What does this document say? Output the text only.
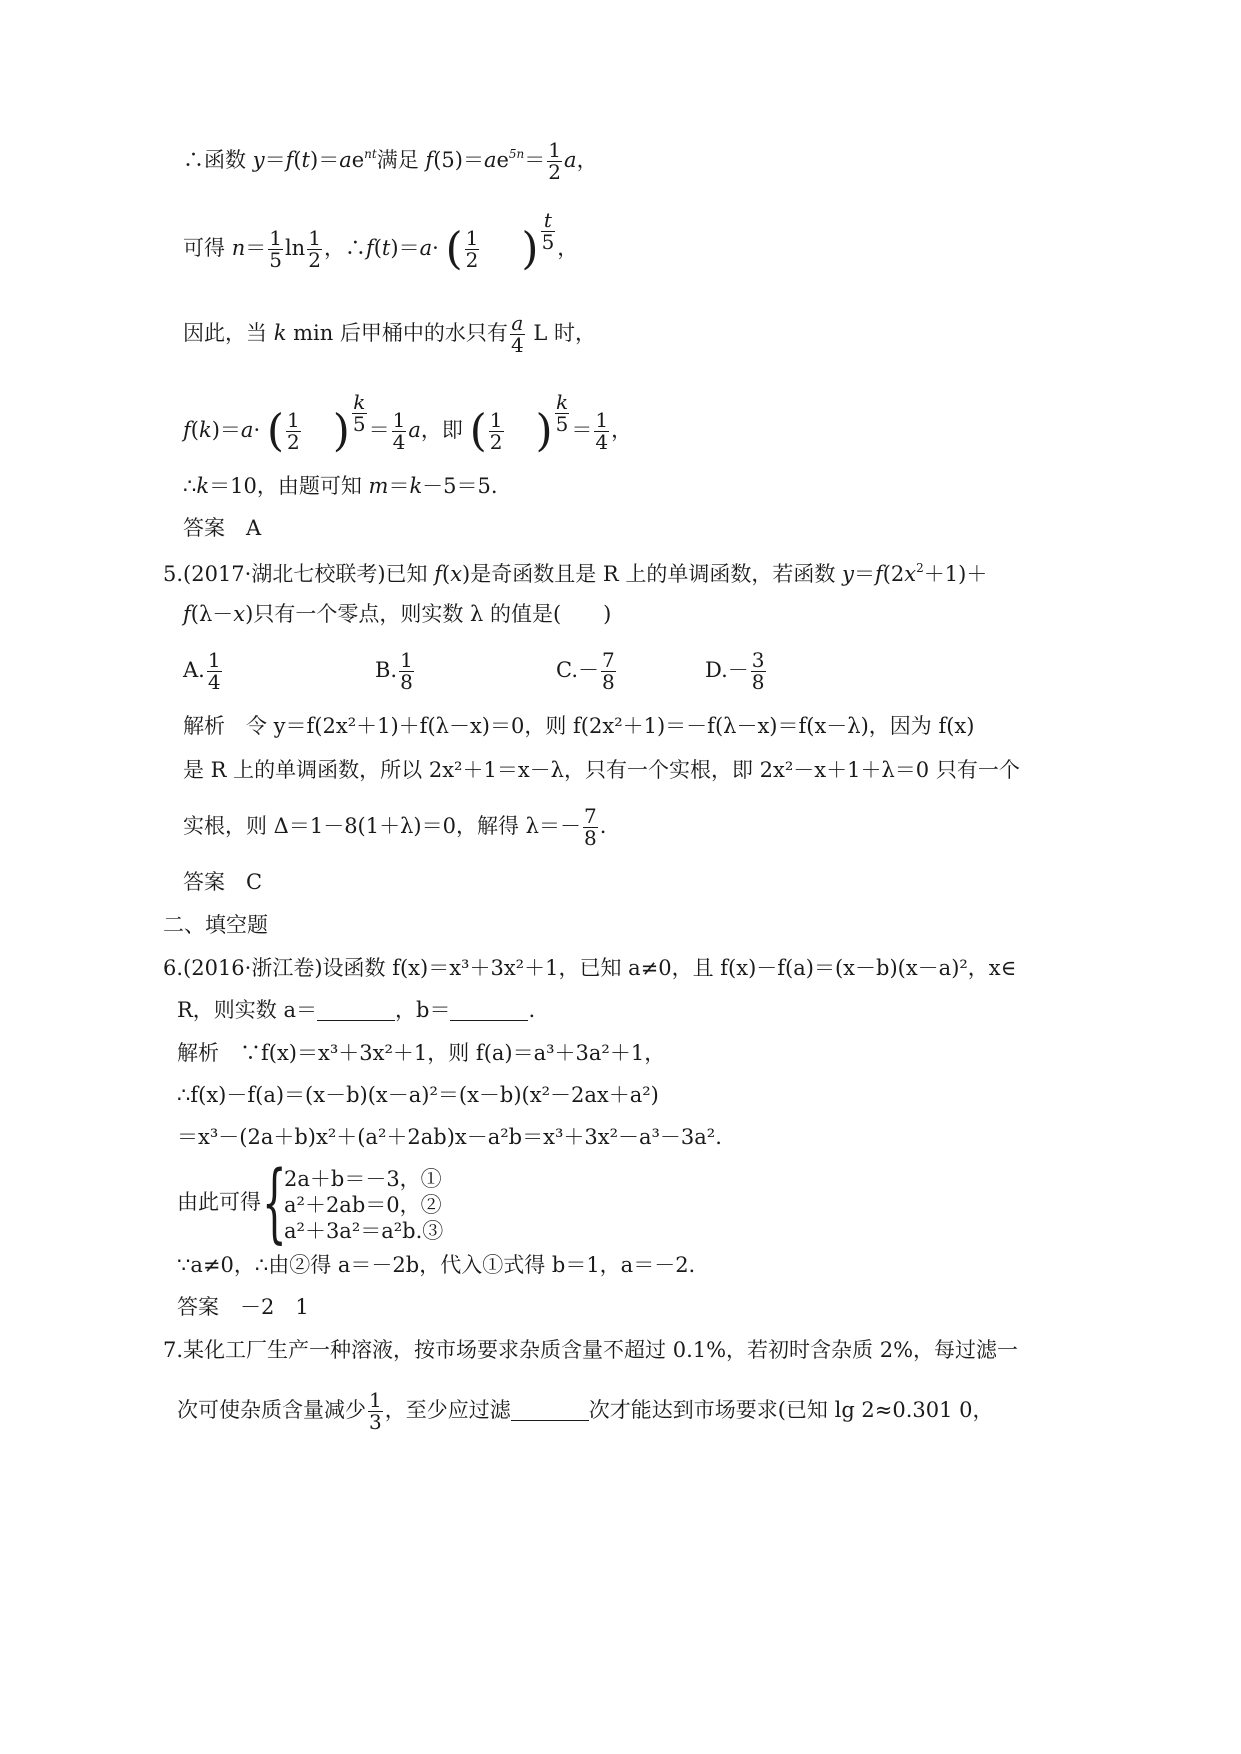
∴函数 $y=f(t)=ae^{nt}$满足 $f(5)=ae^{5n}= \frac{1}{2}$ a，
可得 $n= \frac{1}{5}$ $\ln \frac{1}{2}$ ，∴f(t)＝a· ( $\frac{1}{2}$ ) $\frac{t}{5}$ ，
因此，当 k min 后甲桶中的水只有 $\frac{a}{4}$ L 时，
f(k)＝a· ( $\frac{1}{2}$ ) $\frac{k}{5} = \frac{1}{4}$ a，即 ( $\frac{1}{2}$ ) $\frac{k}{5} = \frac{1}{4}$ ，
∴k＝10，由题可知 m＝k－5＝5.
答案　A
5.(2017·湖北七校联考)已知 f(x)是奇函数且是 R 上的单调函数，若函数 $y=f(2x^2+1)+$
f(λ－x)只有一个零点，则实数 λ 的值是(　　)
A. $\frac{1}{4}$	B. $\frac{1}{8}$	$C.- \frac{7}{8}$	$D.- \frac{3}{8}$
解析　令 y＝f(2x²＋1)＋f(λ－x)＝0，则 f(2x²＋1)＝－f(λ－x)＝f(x－λ)，因为 f(x)
是 R 上的单调函数，所以 2x²＋1＝x－λ，只有一个实根，即 2x²－x＋1＋λ＝0 只有一个
实根，则 Δ＝1－8(1＋λ)＝0，解得 $\lambda=- \frac{7}{8}$ .
答案　C
二、填空题
6.(2016·浙江卷)设函数 f(x)＝x³＋3x²＋1，已知 a≠0，且 f(x)－f(a)＝(x－b)(x－a)²，x∈
R，则实数 a＝	，b＝	.
解析　∵f(x)＝x³＋3x²＋1，则 f(a)＝a³＋3a²＋1，
∴f(x)－f(a)＝(x－b)(x－a)²＝(x－b)(x²－2ax＋a²)
＝x³－(2a＋b)x²＋(a²＋2ab)x－a²b＝x³＋3x²－a³－3a².
由此可得 {
2a＋b＝－3，①
a²＋2ab＝0，②
a²＋3a²＝a²b.③
∵a≠0，∴由②得 a＝－2b，代入①式得 b＝1，a＝－2.
答案　－2　1
7.某化工厂生产一种溶液，按市场要求杂质含量不超过 0.1%，若初时含杂质 2%，每过滤一
次可使杂质含量减少 $\frac{1}{3}$ ，至少应过滤	次才能达到市场要求(已知 lg 2≈0.301 0，
